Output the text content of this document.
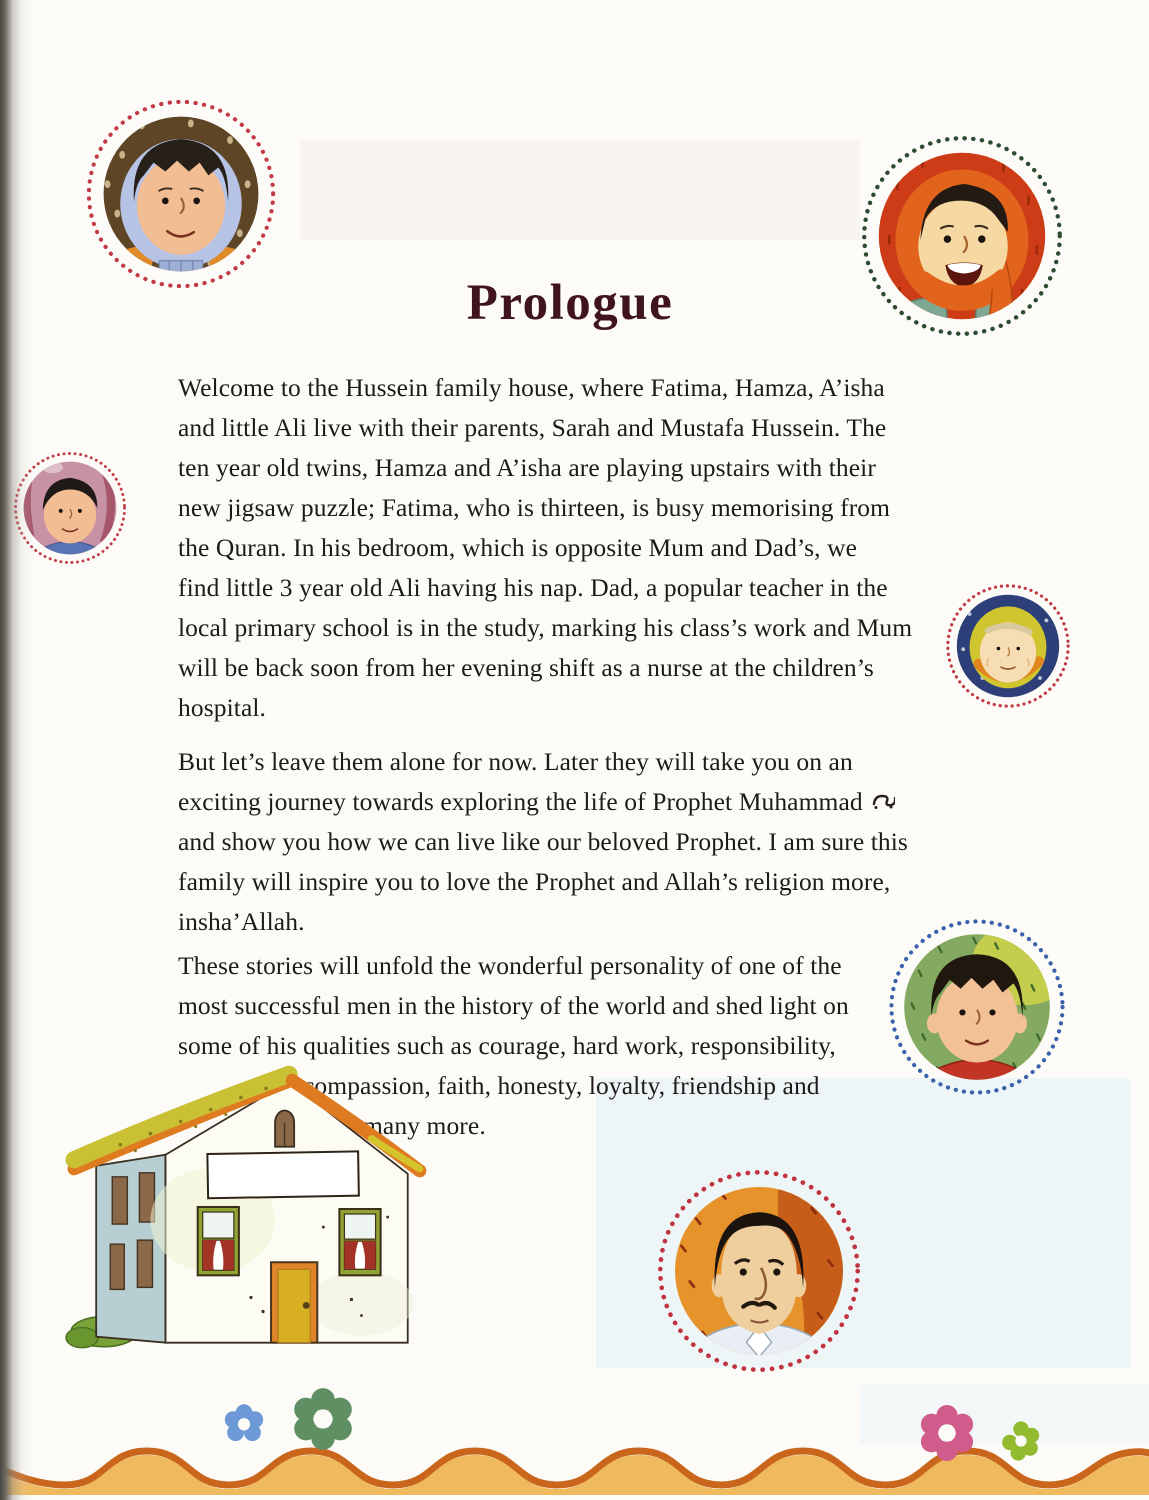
Prologue
Welcome to the Hussein family house, where Fatima, Hamza, A’isha
and little Ali live with their parents, Sarah and Mustafa Hussein. The
ten year old twins, Hamza and A’isha are playing upstairs with their
new jigsaw puzzle; Fatima, who is thirteen, is busy memorising from
the Quran. In his bedroom, which is opposite Mum and Dad’s, we
find little 3 year old Ali having his nap. Dad, a popular teacher in the
local primary school is in the study, marking his class’s work and Mum
will be back soon from her evening shift as a nurse at the children’s
hospital.
But let’s leave them alone for now. Later they will take you on an
exciting journey towards exploring the life of Prophet Muhammad
and show you how we can live like our beloved Prophet. I am sure this
family will inspire you to love the Prophet and Allah’s religion more,
insha’Allah.
These stories will unfold the wonderful personality of one of the
most successful men in the history of the world and shed light on
some of his qualities such as courage, hard work, responsibility,
compassion, faith, honesty, loyalty, friendship and
many more.
